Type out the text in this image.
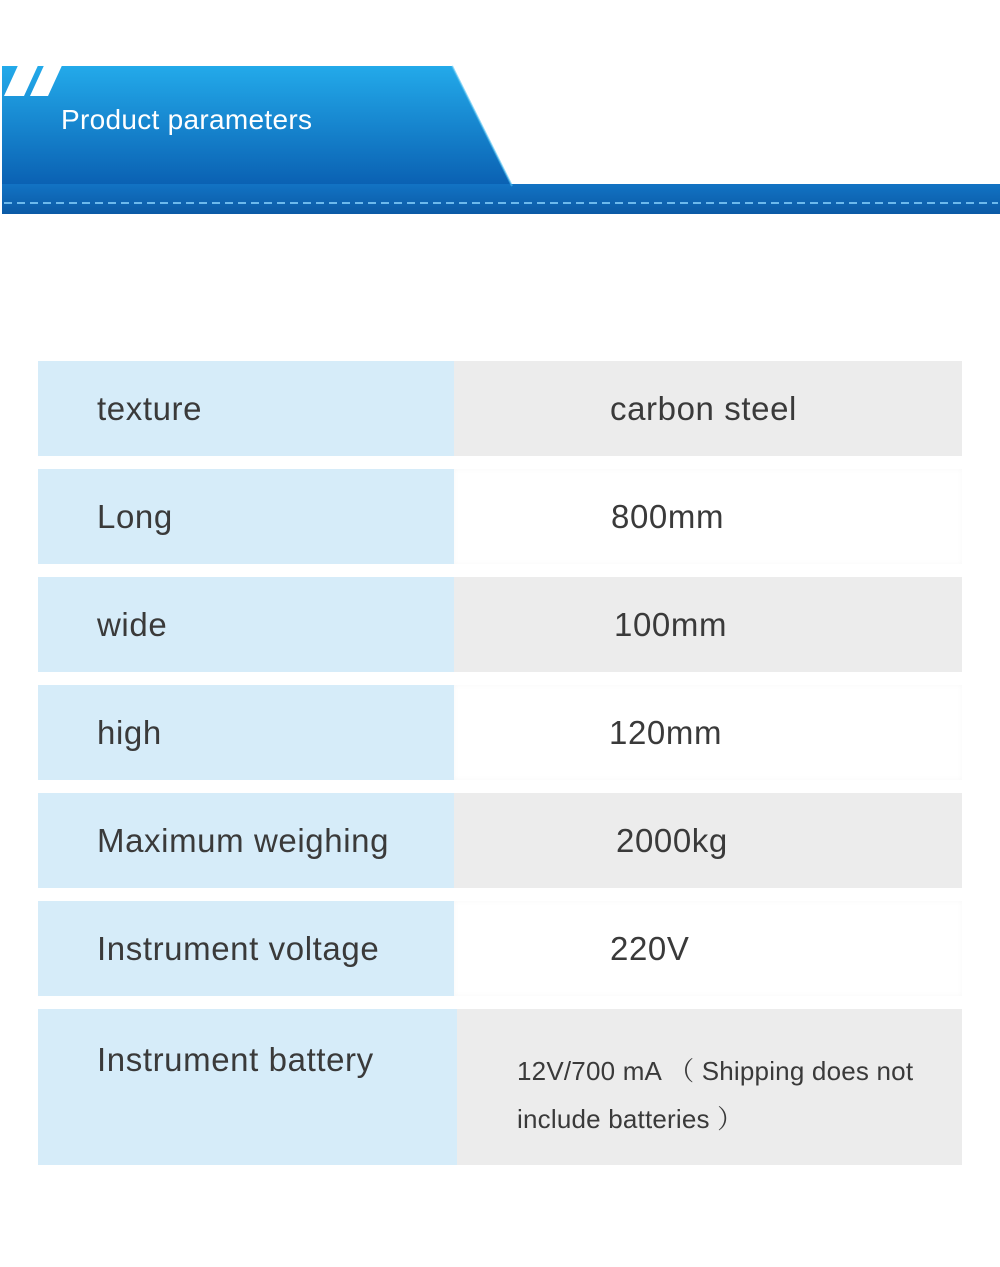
Product parameters
texture	carbon steel
Long	800mm
wide	100mm
high	120mm
Maximum weighing	2000kg
Instrument voltage	220V
Instrument battery	12V/700 mA （ Shipping does not include batteries ）
